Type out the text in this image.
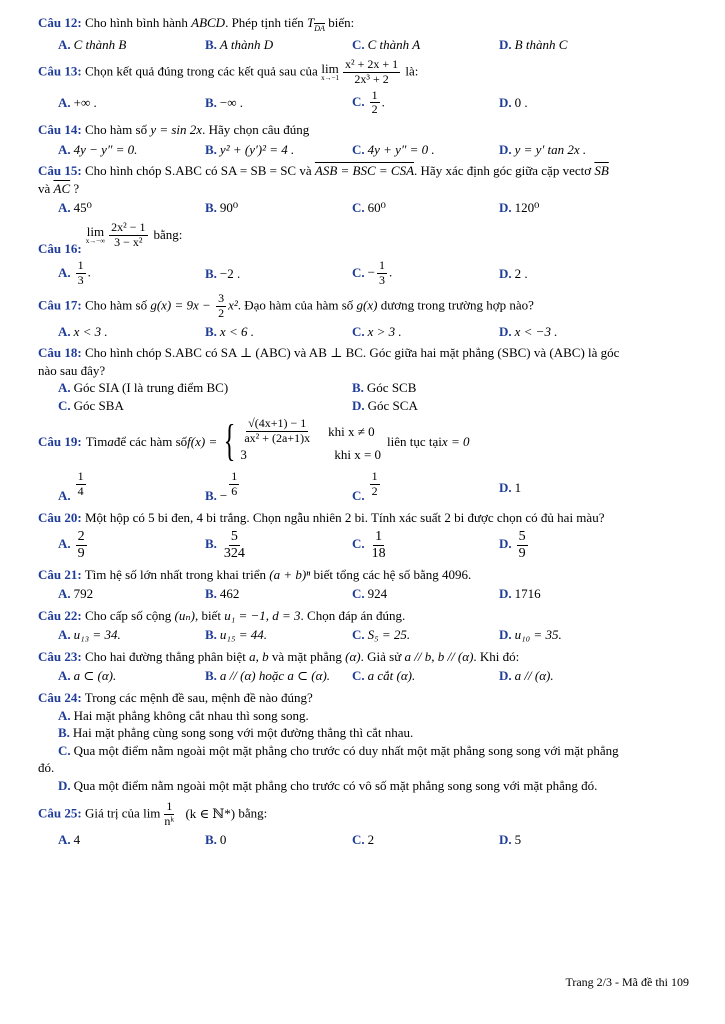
Câu 12: Cho hình bình hành ABCD. Phép tịnh tiến $T_{DA}$ biến:
A. C thành B	B. A thành D	C. C thành A	D. B thành C
Câu 13: Chọn kết quả đúng trong các kết quả sau của lim
$x\to-1 \frac{\text{x² + 2x + 1}}{\text{2x³ + 2}}$ là:
A. +∞ .	B. −∞ .	C. $\frac{1}{2}$ .	D. 0 .
Câu 14: Cho hàm số y = sin 2x. Hãy chọn câu đúng
A. 4y − y″ = 0.	B. y² + (y′)² = 4 .	C. 4y + y″ = 0 .	D. y = y′ tan 2x .
Câu 15: Cho hình chóp S.ABC có SA = SB = SC và ASB = BSC = CSA. Hãy xác định góc giữa cặp vectơ $\overline{SB}$
và $\overline{AC}$ ?
A. 45⁰	B. 90⁰	C. 60⁰	D. 120⁰
Câu 16:
lim
$x\to-\infty \frac{\text{2x² − 1}}{\text{3 − x²}}$ bằng:
A. $\frac{1}{3}$ .	B. −2 .	C. − $\frac{1}{3}$ .	D. 2 .
Câu 17: Cho hàm số $g(x) = 9x - \frac{3}{2} x^2$. Đạo hàm của hàm số g(x) dương trong trường hợp nào?
A. x < 3 .	B. x < 6 .	C. x > 3 .	D. x < −3 .
Câu 18: Cho hình chóp S.ABC có SA ⊥ (ABC) và AB ⊥ BC. Góc giữa hai mặt phẳng (SBC) và (ABC) là góc
nào sau đây?
A. Góc SIA (I là trung điểm BC)	B. Góc SCB
C. Góc SBA	D. Góc SCA
Câu 19: Tìm a để các hàm số f(x) = { $\frac{√(4x+1) - 1}{\text{ax² + (2a+1)x}}$ khi x ≠ 0
3	khi x = 0
liên tục tại x = 0
A. $\frac{1}{4}$	B. − $\frac{1}{6}$	C. $\frac{1}{2}$	D. 1
Câu 20: Một hộp có 5 bi đen, 4 bi trắng. Chọn ngẫu nhiên 2 bi. Tính xác suất 2 bi được chọn có đủ hai màu?
A. $\frac{2}{9}$	B. $\frac{5}{324}$	C. $\frac{1}{18}$	D. $\frac{5}{9}$
Câu 21: Tìm hệ số lớn nhất trong khai triển (a + b)ⁿ biết tổng các hệ số bằng 4096.
A. 792	B. 462	C. 924	D. 1716
Câu 22: Cho cấp số cộng (uₙ), biết u₁ = −1, d = 3. Chọn đáp án đúng.
A. u₁₃ = 34.	B. u₁₅ = 44.	C. S₅ = 25.	D. u₁₀ = 35.
Câu 23: Cho hai đường thẳng phân biệt a, b và mặt phẳng (α). Giả sử a // b, b // (α). Khi đó:
A. a ⊂ (α).	B. a // (α) hoặc a ⊂ (α).	C. a cắt (α).	D. a // (α).
Câu 24: Trong các mệnh đề sau, mệnh đề nào đúng?
A. Hai mặt phẳng không cắt nhau thì song song.
B. Hai mặt phẳng cùng song song với một đường thẳng thì cắt nhau.
C. Qua một điểm nằm ngoài một mặt phẳng cho trước có duy nhất một mặt phẳng song song với mặt phẳng
đó.
D. Qua một điểm nằm ngoài một mặt phẳng cho trước có vô số mặt phẳng song song với mặt phẳng đó.
Câu 25: Giá trị của $\lim \frac{1}{\text{nᵏ}} (k$ ∈ ℕ*) bằng:
A. 4	B. 0	C. 2	D. 5
Trang 2/3 - Mã đề thi 109
